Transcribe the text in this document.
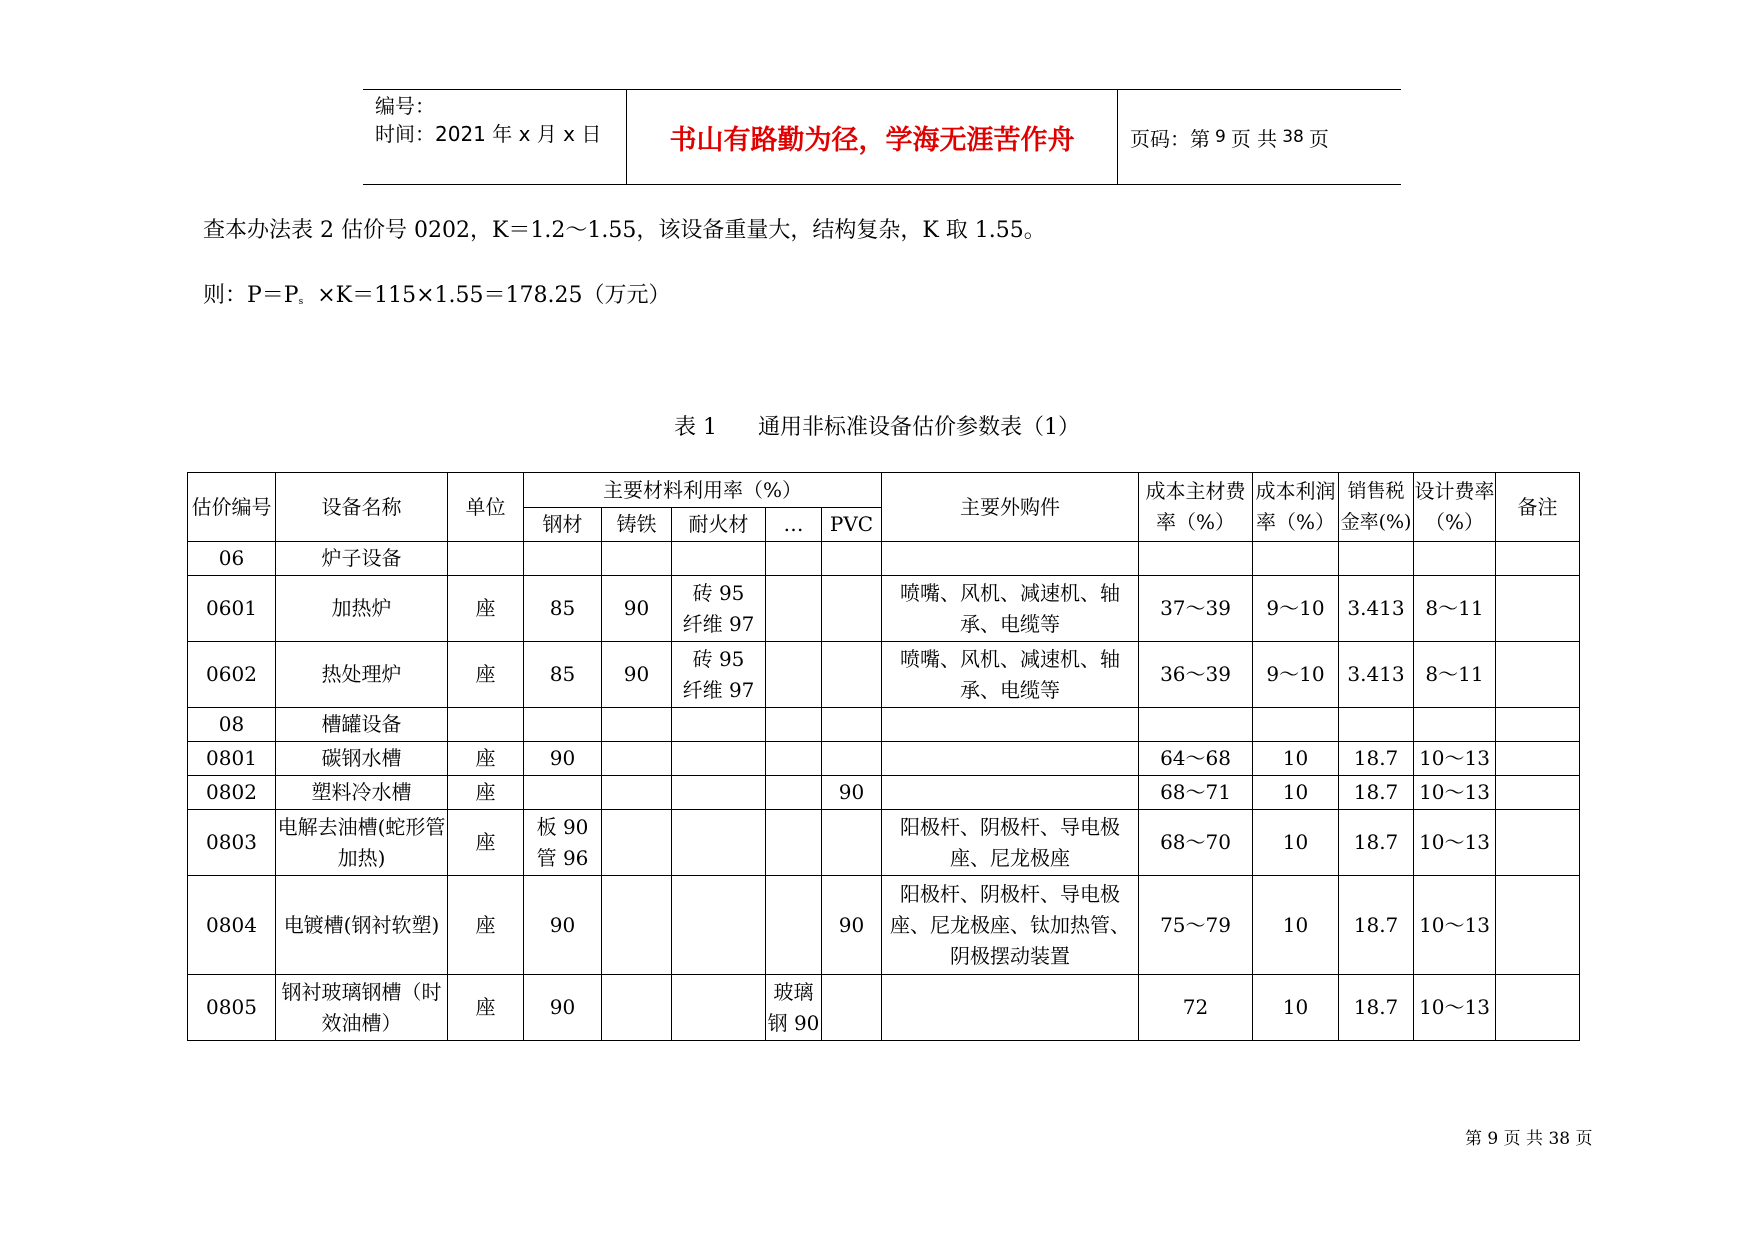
编号：
时间：2021 年 x 月 x 日	书山有路勤为径，学海无涯苦作舟	页码：第 9 页 共 38 页
查本办法表 2 估价号 0202，K＝1.2～1.55，该设备重量大，结构复杂，K 取 1.55。
则：$P=P_s \times K=115\times 1.55=178.25$（万元）
表 1 通用非标准设备估价参数表（1）
估价编号	设备名称	单位	主要材料利用率（%）					主要外购件	成本主材费率（%）	成本利润率（%）	销售税金率(%)	设计费率（%）	备注
			钢材	铸铁	耐火材	…	PVC						
06	炉子设备												
0601	加热炉	座	85	90	砖 95
纤维 97			喷嘴、风机、减速机、轴承、电缆等	37～39	9～10	3.413	8～11	
0602	热处理炉	座	85	90	砖 95
纤维 97			喷嘴、风机、减速机、轴承、电缆等	36～39	9～10	3.413	8～11	
08	槽罐设备												
0801	碳钢水槽	座	90						64～68	10	18.7	10～13	
0802	塑料冷水槽	座					90		68～71	10	18.7	10～13	
0803	电解去油槽(蛇形管加热)	座	板 90
管 96					阳极杆、阴极杆、导电极座、尼龙极座	68～70	10	18.7	10～13	
0804	电镀槽(钢衬软塑)	座	90				90	阳极杆、阴极杆、导电极座、尼龙极座、钛加热管、阴极摆动装置	75～79	10	18.7	10～13	
0805	钢衬玻璃钢槽（时效油槽）	座	90			玻璃钢 90			72	10	18.7	10～13	
第 9 页 共 38 页
